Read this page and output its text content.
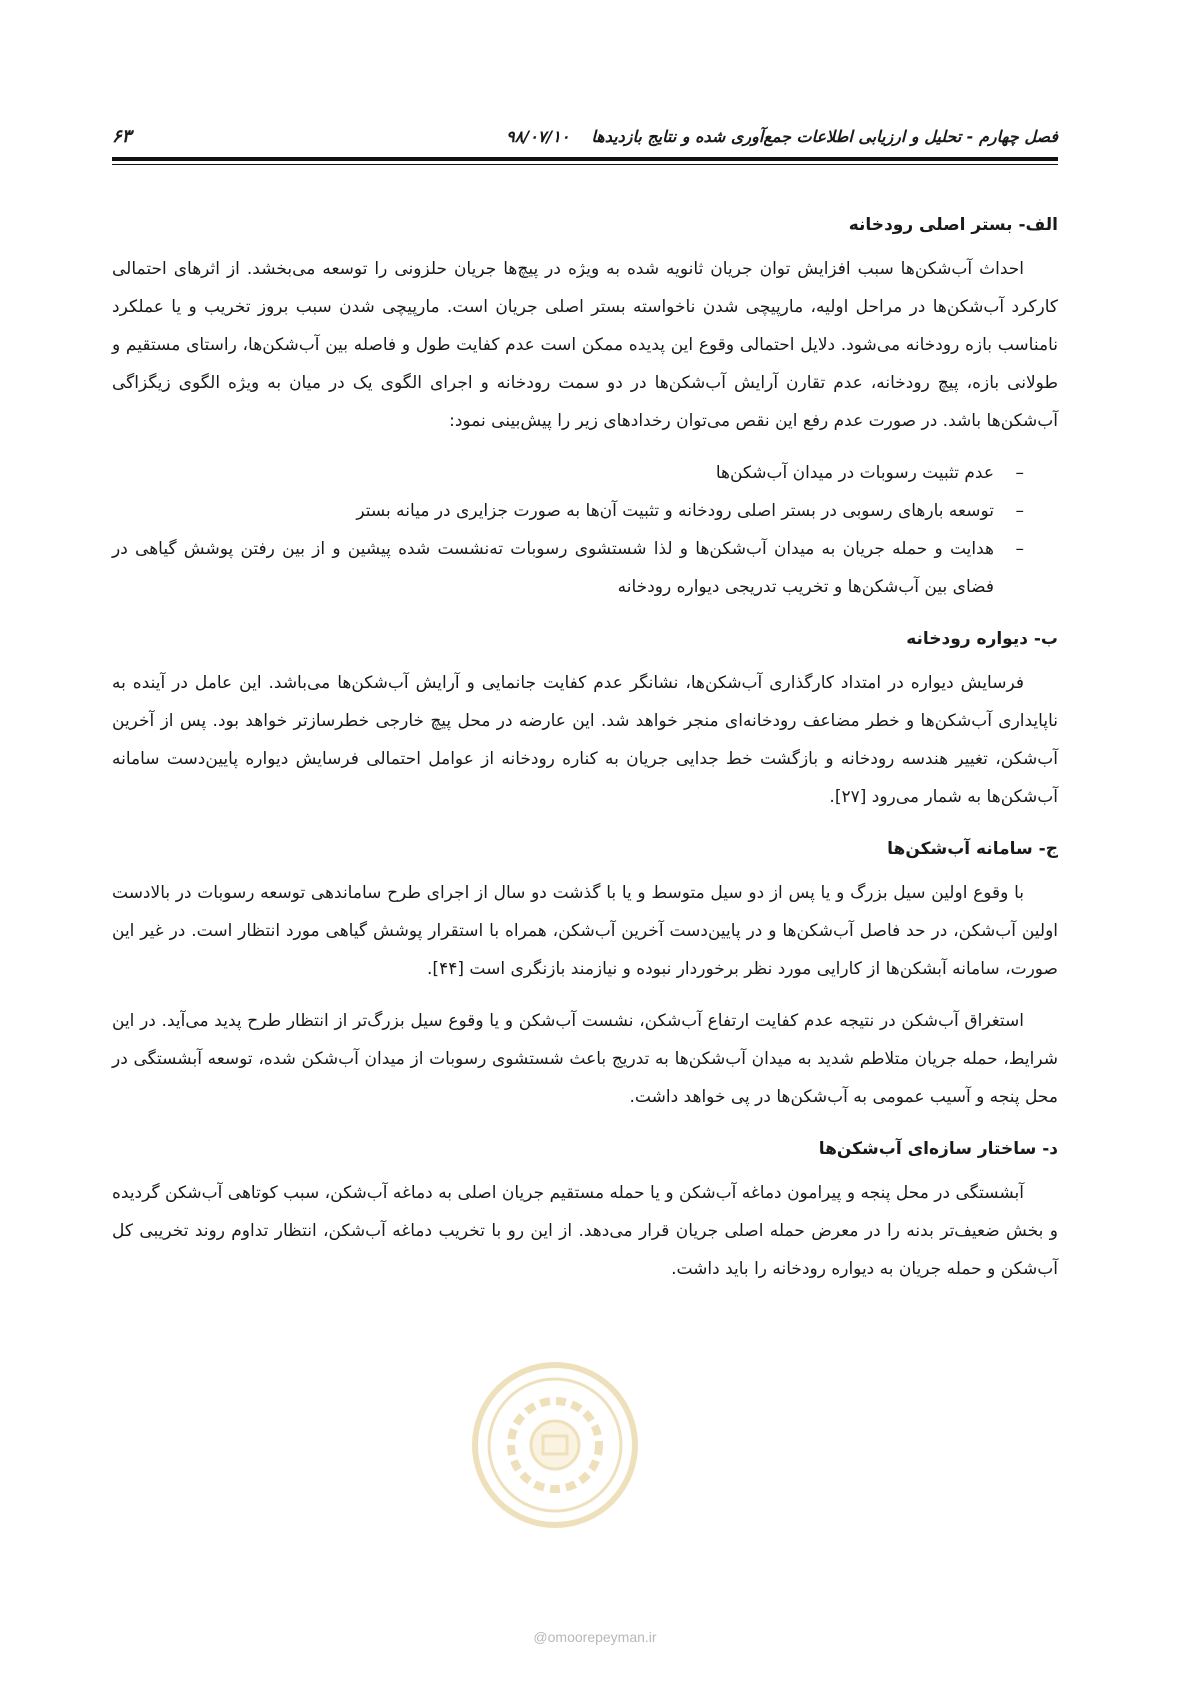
فصل چهارم - تحلیل و ارزیابی اطلاعات جمع‌آوری شده و نتایج بازدیدها
۹۸/۰۷/۱۰
۶۳
الف- بستر اصلی رودخانه

احداث آب‌شکن‌ها سبب افزایش توان جریان ثانویه شده به ویژه در پیچ‌ها جریان حلزونی را توسعه می‌بخشد. از اثرهای احتمالی کارکرد آب‌شکن‌ها در مراحل اولیه، مارپیچی شدن ناخواسته بستر اصلی جریان است. مارپیچی شدن سبب بروز تخریب و یا عملکرد نامناسب بازه رودخانه می‌شود. دلایل احتمالی وقوع این پدیده ممکن است عدم کفایت طول و فاصله بین آب‌شکن‌ها، راستای مستقیم و طولانی بازه، پیچ رودخانه، عدم تقارن آرایش آب‌شکن‌ها در دو سمت رودخانه و اجرای الگوی یک در میان به ویژه الگوی زیگزاگی آب‌شکن‌ها باشد. در صورت عدم رفع این نقص می‌توان رخدادهای زیر را پیش‌بینی نمود:

–
عدم تثبیت رسوبات در میدان آب‌شکن‌ها
–
توسعه بارهای رسوبی در بستر اصلی رودخانه و تثبیت آن‌ها به صورت جزایری در میانه بستر
–
هدایت و حمله جریان به میدان آب‌شکن‌ها و لذا شستشوی رسوبات ته‌نشست شده پیشین و از بین رفتن پوشش گیاهی در فضای بین آب‌شکن‌ها و تخریب تدریجی دیواره رودخانه
ب- دیواره رودخانه

فرسایش دیواره در امتداد کارگذاری آب‌شکن‌ها، نشانگر عدم کفایت جانمایی و آرایش آب‌شکن‌ها می‌باشد. این عامل در آینده به ناپایداری آب‌شکن‌ها و خطر مضاعف رودخانه‌ای منجر خواهد شد. این عارضه در محل پیچ خارجی خطرسازتر خواهد بود. پس از آخرین آب‌شکن، تغییر هندسه رودخانه و بازگشت خط جدایی جریان به کناره رودخانه از عوامل احتمالی فرسایش دیواره پایین‌دست سامانه آب‌شکن‌ها به شمار می‌رود [۲۷].

ج- سامانه آب‌شکن‌ها

با وقوع اولین سیل بزرگ و یا پس از دو سیل متوسط و یا با گذشت دو سال از اجرای طرح ساماندهی توسعه رسوبات در بالادست اولین آب‌شکن، در حد فاصل آب‌شکن‌ها و در پایین‌دست آخرین آب‌شکن، همراه با استقرار پوشش گیاهی مورد انتظار است. در غیر این صورت، سامانه آبشکن‌ها از کارایی مورد نظر برخوردار نبوده و نیازمند بازنگری است [۴۴].

استغراق آب‌شکن در نتیجه عدم کفایت ارتفاع آب‌شکن، نشست آب‌شکن و یا وقوع سیل بزرگ‌تر از انتظار طرح پدید می‌آید. در این شرایط، حمله جریان متلاطم شدید به میدان آب‌شکن‌ها به تدریج باعث شستشوی رسوبات از میدان آب‌شکن شده، توسعه آبشستگی در محل پنجه و آسیب عمومی به آب‌شکن‌ها در پی خواهد داشت.

د- ساختار سازه‌ای آب‌شکن‌ها

آبشستگی در محل پنجه و پیرامون دماغه آب‌شکن و یا حمله مستقیم جریان اصلی به دماغه آب‌شکن، سبب کوتاهی آب‌شکن گردیده و بخش ضعیف‌تر بدنه را در معرض حمله اصلی جریان قرار می‌دهد. از این رو با تخریب دماغه آب‌شکن، انتظار تداوم روند تخریبی کل آب‌شکن و حمله جریان به دیواره رودخانه را باید داشت.

@omoorepeyman.ir
